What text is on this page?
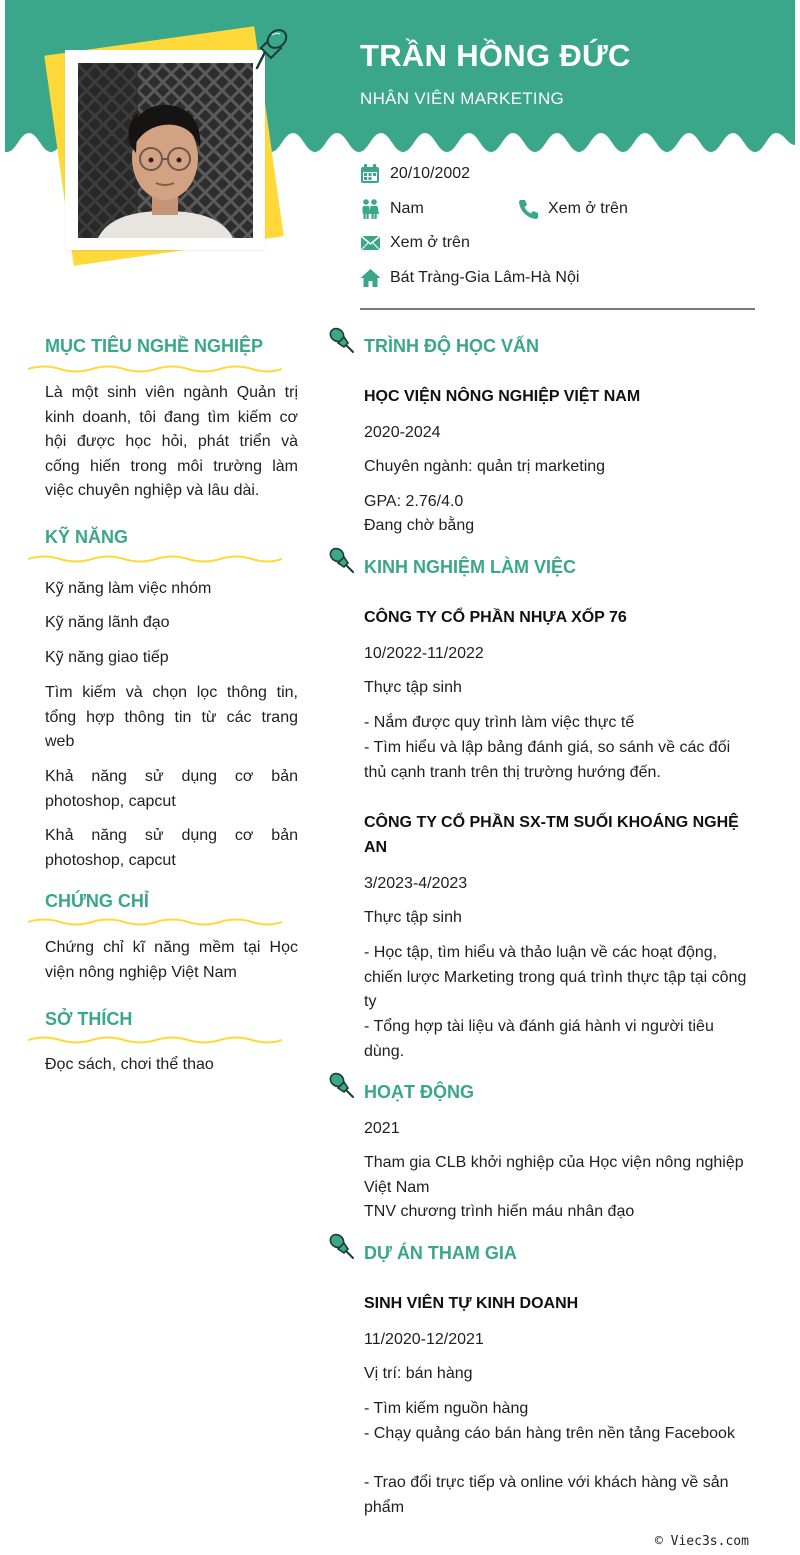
TRẦN HỒNG ĐỨC
NHÂN VIÊN MARKETING
20/10/2002
Nam	Xem ở trên
Xem ở trên
Bát Tràng-Gia Lâm-Hà Nội
MỤC TIÊU NGHỀ NGHIỆP
Là một sinh viên ngành Quản trị kinh doanh, tôi đang tìm kiếm cơ hội được học hỏi, phát triển và cống hiến trong môi trường làm việc chuyên nghiệp và lâu dài.
KỸ NĂNG
Kỹ năng làm việc nhóm
Kỹ năng lãnh đạo
Kỹ năng giao tiếp
Tìm kiếm và chọn lọc thông tin, tổng hợp thông tin từ các trang web
Khả năng sử dụng cơ bản photoshop, capcut
Khả năng sử dụng cơ bản photoshop, capcut
CHỨNG CHỈ
Chứng chỉ kĩ năng mềm tại Học viện nông nghiệp Việt Nam
SỞ THÍCH
Đọc sách, chơi thể thao
TRÌNH ĐỘ HỌC VẤN
HỌC VIỆN NÔNG NGHIỆP VIỆT NAM
2020-2024
Chuyên ngành: quản trị marketing
GPA: 2.76/4.0
Đang chờ bằng
KINH NGHIỆM LÀM VIỆC
CÔNG TY CỔ PHẦN NHỰA XỐP 76
10/2022-11/2022
Thực tập sinh
- Nắm được quy trình làm việc thực tế
- Tìm hiểu và lập bảng đánh giá, so sánh về các đối thủ cạnh tranh trên thị trường hướng đến.
CÔNG TY CỔ PHẦN SX-TM SUỐI KHOÁNG NGHỆ AN
3/2023-4/2023
Thực tập sinh
- Học tập, tìm hiểu và thảo luận về các hoạt động, chiến lược Marketing trong quá trình thực tập tại công ty
- Tổng hợp tài liệu và đánh giá hành vi người tiêu dùng.
HOẠT ĐỘNG
2021
Tham gia CLB khởi nghiệp của Học viện nông nghiệp Việt Nam
TNV chương trình hiến máu nhân đạo
DỰ ÁN THAM GIA
SINH VIÊN TỰ KINH DOANH
11/2020-12/2021
Vị trí: bán hàng
- Tìm kiếm nguồn hàng
- Chạy quảng cáo bán hàng trên nền tảng Facebook
- Trao đổi trực tiếp và online với khách hàng về sản phẩm
© Viec3s.com
